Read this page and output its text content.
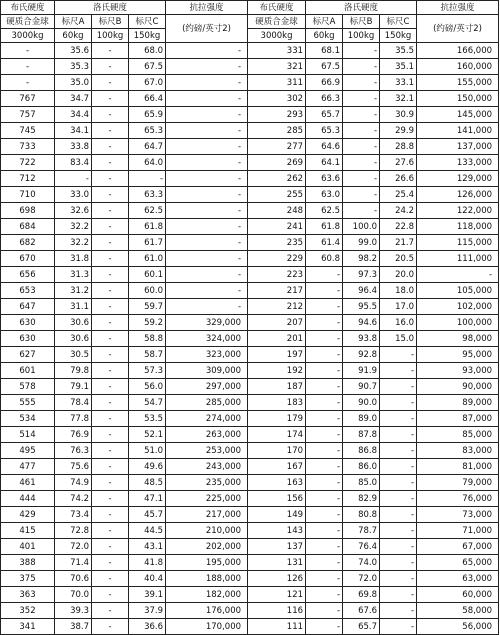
布氏硬度	洛氏硬度			抗拉强度	布氏硬度	洛氏硬度			抗拉强度
硬质合金球	标尺A	标尺B	标尺C	(约磅/英寸2)	硬质合金球	标尺A	标尺B	标尺C	(约磅/英寸2)
3000kg	60kg	100kg	150kg		3000kg	60kg	100kg	150kg	
-	35.6	-	68.0	-	331	68.1	-	35.5	166,000
-	35.3	-	67.5	-	321	67.5	-	35.1	160,000
-	35.0	-	67.0	-	311	66.9	-	33.1	155,000
767	34.7	-	66.4	-	302	66.3	-	32.1	150,000
757	34.4	-	65.9	-	293	65.7	-	30.9	145,000
745	34.1	-	65.3	-	285	65.3	-	29.9	141,000
733	33.8	-	64.7	-	277	64.6	-	28.8	137,000
722	83.4	-	64.0	-	269	64.1	-	27.6	133,000
712	-	-	-	-	262	63.6	-	26.6	129,000
710	33.0	-	63.3	-	255	63.0	-	25.4	126,000
698	32.6	-	62.5	-	248	62.5	-	24.2	122,000
684	32.2	-	61.8	-	241	61.8	100.0	22.8	118,000
682	32.2	-	61.7	-	235	61.4	99.0	21.7	115,000
670	31.8	-	61.0	-	229	60.8	98.2	20.5	111,000
656	31.3	-	60.1	-	223	-	97.3	20.0	-
653	31.2	-	60.0	-	217	-	96.4	18.0	105,000
647	31.1	-	59.7	-	212	-	95.5	17.0	102,000
630	30.6	-	59.2	329,000	207	-	94.6	16.0	100,000
630	30.6	-	58.8	324,000	201	-	93.8	15.0	98,000
627	30.5	-	58.7	323,000	197	-	92.8	-	95,000
601	79.8	-	57.3	309,000	192	-	91.9	-	93,000
578	79.1	-	56.0	297,000	187	-	90.7	-	90,000
555	78.4	-	54.7	285,000	183	-	90.0	-	89,000
534	77.8	-	53.5	274,000	179	-	89.0	-	87,000
514	76.9	-	52.1	263,000	174	-	87.8	-	85,000
495	76.3	-	51.0	253,000	170	-	86.8	-	83,000
477	75.6	-	49.6	243,000	167	-	86.0	-	81,000
461	74.9	-	48.5	235,000	163	-	85.0	-	79,000
444	74.2	-	47.1	225,000	156	-	82.9	-	76,000
429	73.4	-	45.7	217,000	149	-	80.8	-	73,000
415	72.8	-	44.5	210,000	143	-	78.7	-	71,000
401	72.0	-	43.1	202,000	137	-	76.4	-	67,000
388	71.4	-	41.8	195,000	131	-	74.0	-	65,000
375	70.6	-	40.4	188,000	126	-	72.0	-	63,000
363	70.0	-	39.1	182,000	121	-	69.8	-	60,000
352	39.3	-	37.9	176,000	116	-	67.6	-	58,000
341	38.7	-	36.6	170,000	111	-	65.7	-	56,000
